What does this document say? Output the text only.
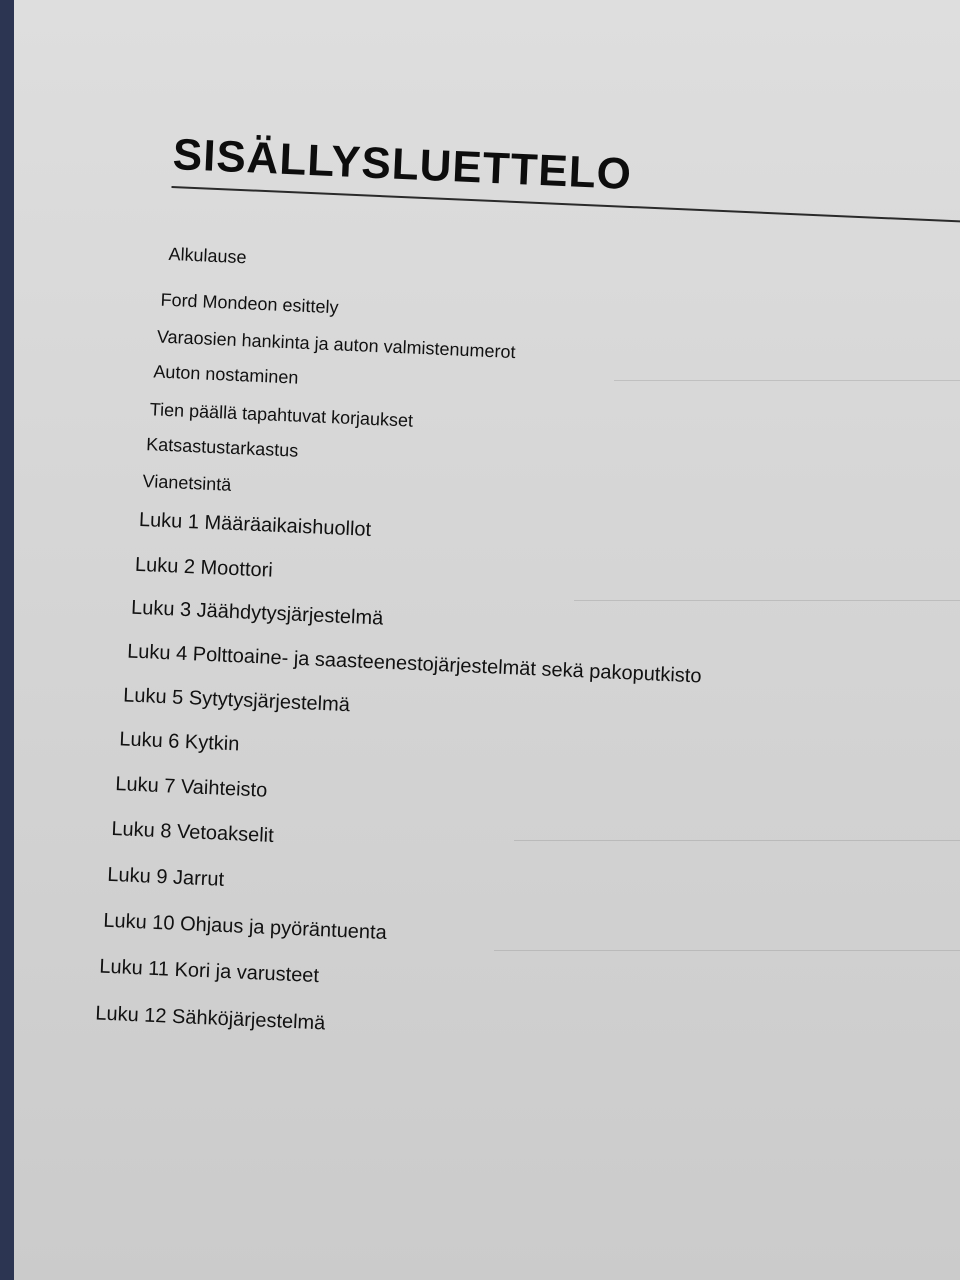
SISÄLLYSLUETTELO
Alkulause
Ford Mondeon esittely
Varaosien hankinta ja auton valmistenumerot
Auton nostaminen
Tien päällä tapahtuvat korjaukset
Katsastustarkastus
Vianetsintä
Luku 1 Määräaikaishuollot
Luku 2 Moottori
Luku 3 Jäähdytysjärjestelmä
Luku 4 Polttoaine- ja saasteenestojärjestelmät sekä pakoputkisto
Luku 5 Sytytysjärjestelmä
Luku 6 Kytkin
Luku 7 Vaihteisto
Luku 8 Vetoakselit
Luku 9 Jarrut
Luku 10 Ohjaus ja pyöräntuenta
Luku 11 Kori ja varusteet
Luku 12 Sähköjärjestelmä
